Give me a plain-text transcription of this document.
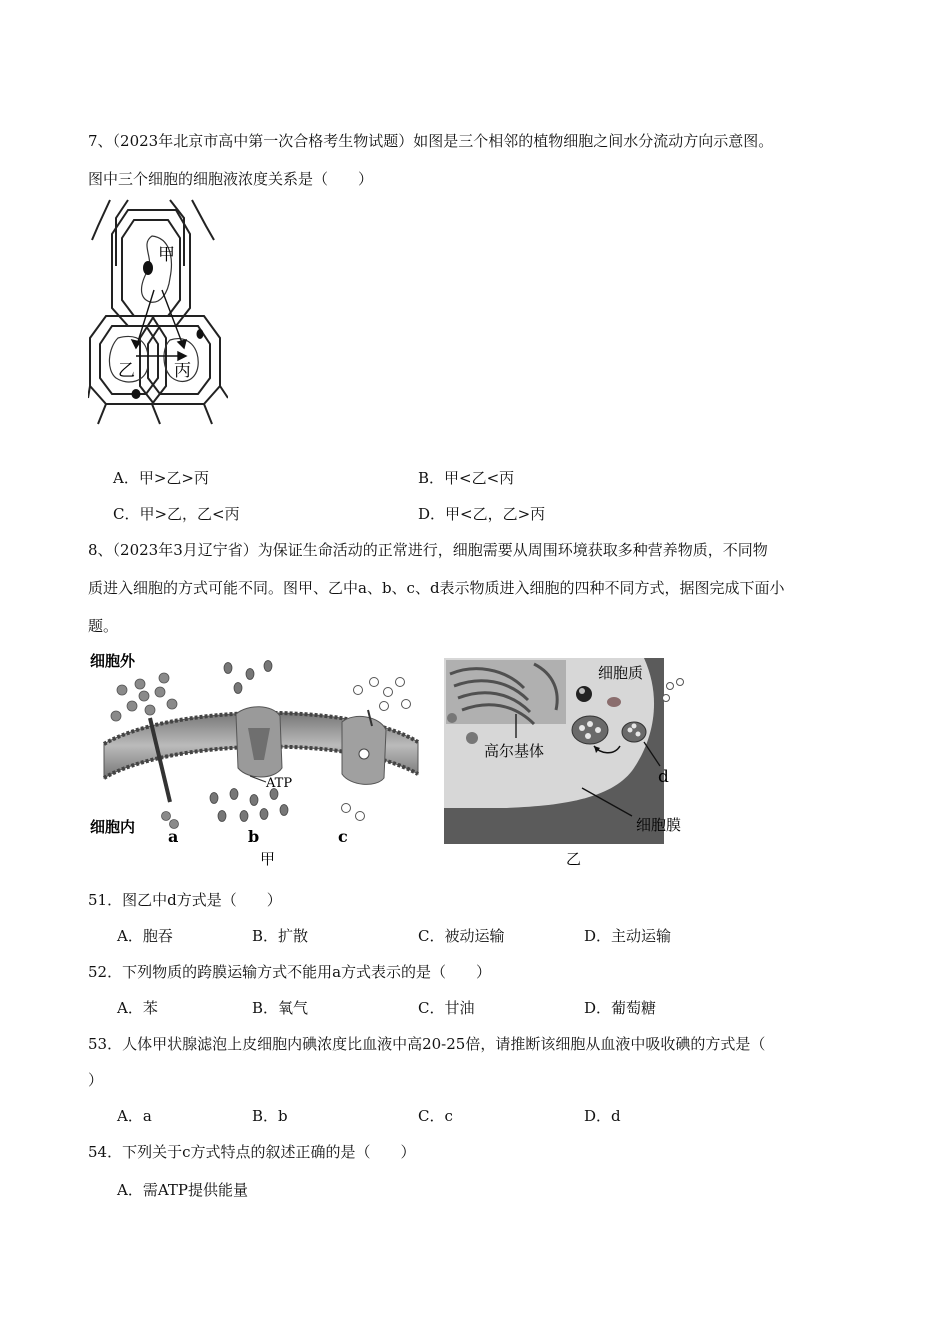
7、（2023年北京市高中第一次合格考生物试题）如图是三个相邻的植物细胞之间水分流动方向示意图。
图中三个细胞的细胞液浓度关系是（　　）
甲
乙 丙
A．甲>乙>丙	B．甲<乙<丙
C．甲>乙，乙<丙	D．甲<乙，乙>丙
8、（2023年3月辽宁省）为保证生命活动的正常进行，细胞需要从周围环境获取多种营养物质，不同物
质进入细胞的方式可能不同。图甲、乙中a、b、c、d表示物质进入细胞的四种不同方式，据图完成下面小
题。
细胞外
细胞内
ATP
a	b	c
甲
细胞质
高尔基体
d
细胞膜
乙
51．图乙中d方式是（　　）
A．胞吞	B．扩散	C．被动运输	D．主动运输
52．下列物质的跨膜运输方式不能用a方式表示的是（　　）
A．苯	B．氧气	C．甘油	D．葡萄糖
53．人体甲状腺滤泡上皮细胞内碘浓度比血液中高20-25倍，请推断该细胞从血液中吸收碘的方式是（
）
A．a	B．b	C．c	D．d
54．下列关于c方式特点的叙述正确的是（　　）
A．需ATP提供能量
